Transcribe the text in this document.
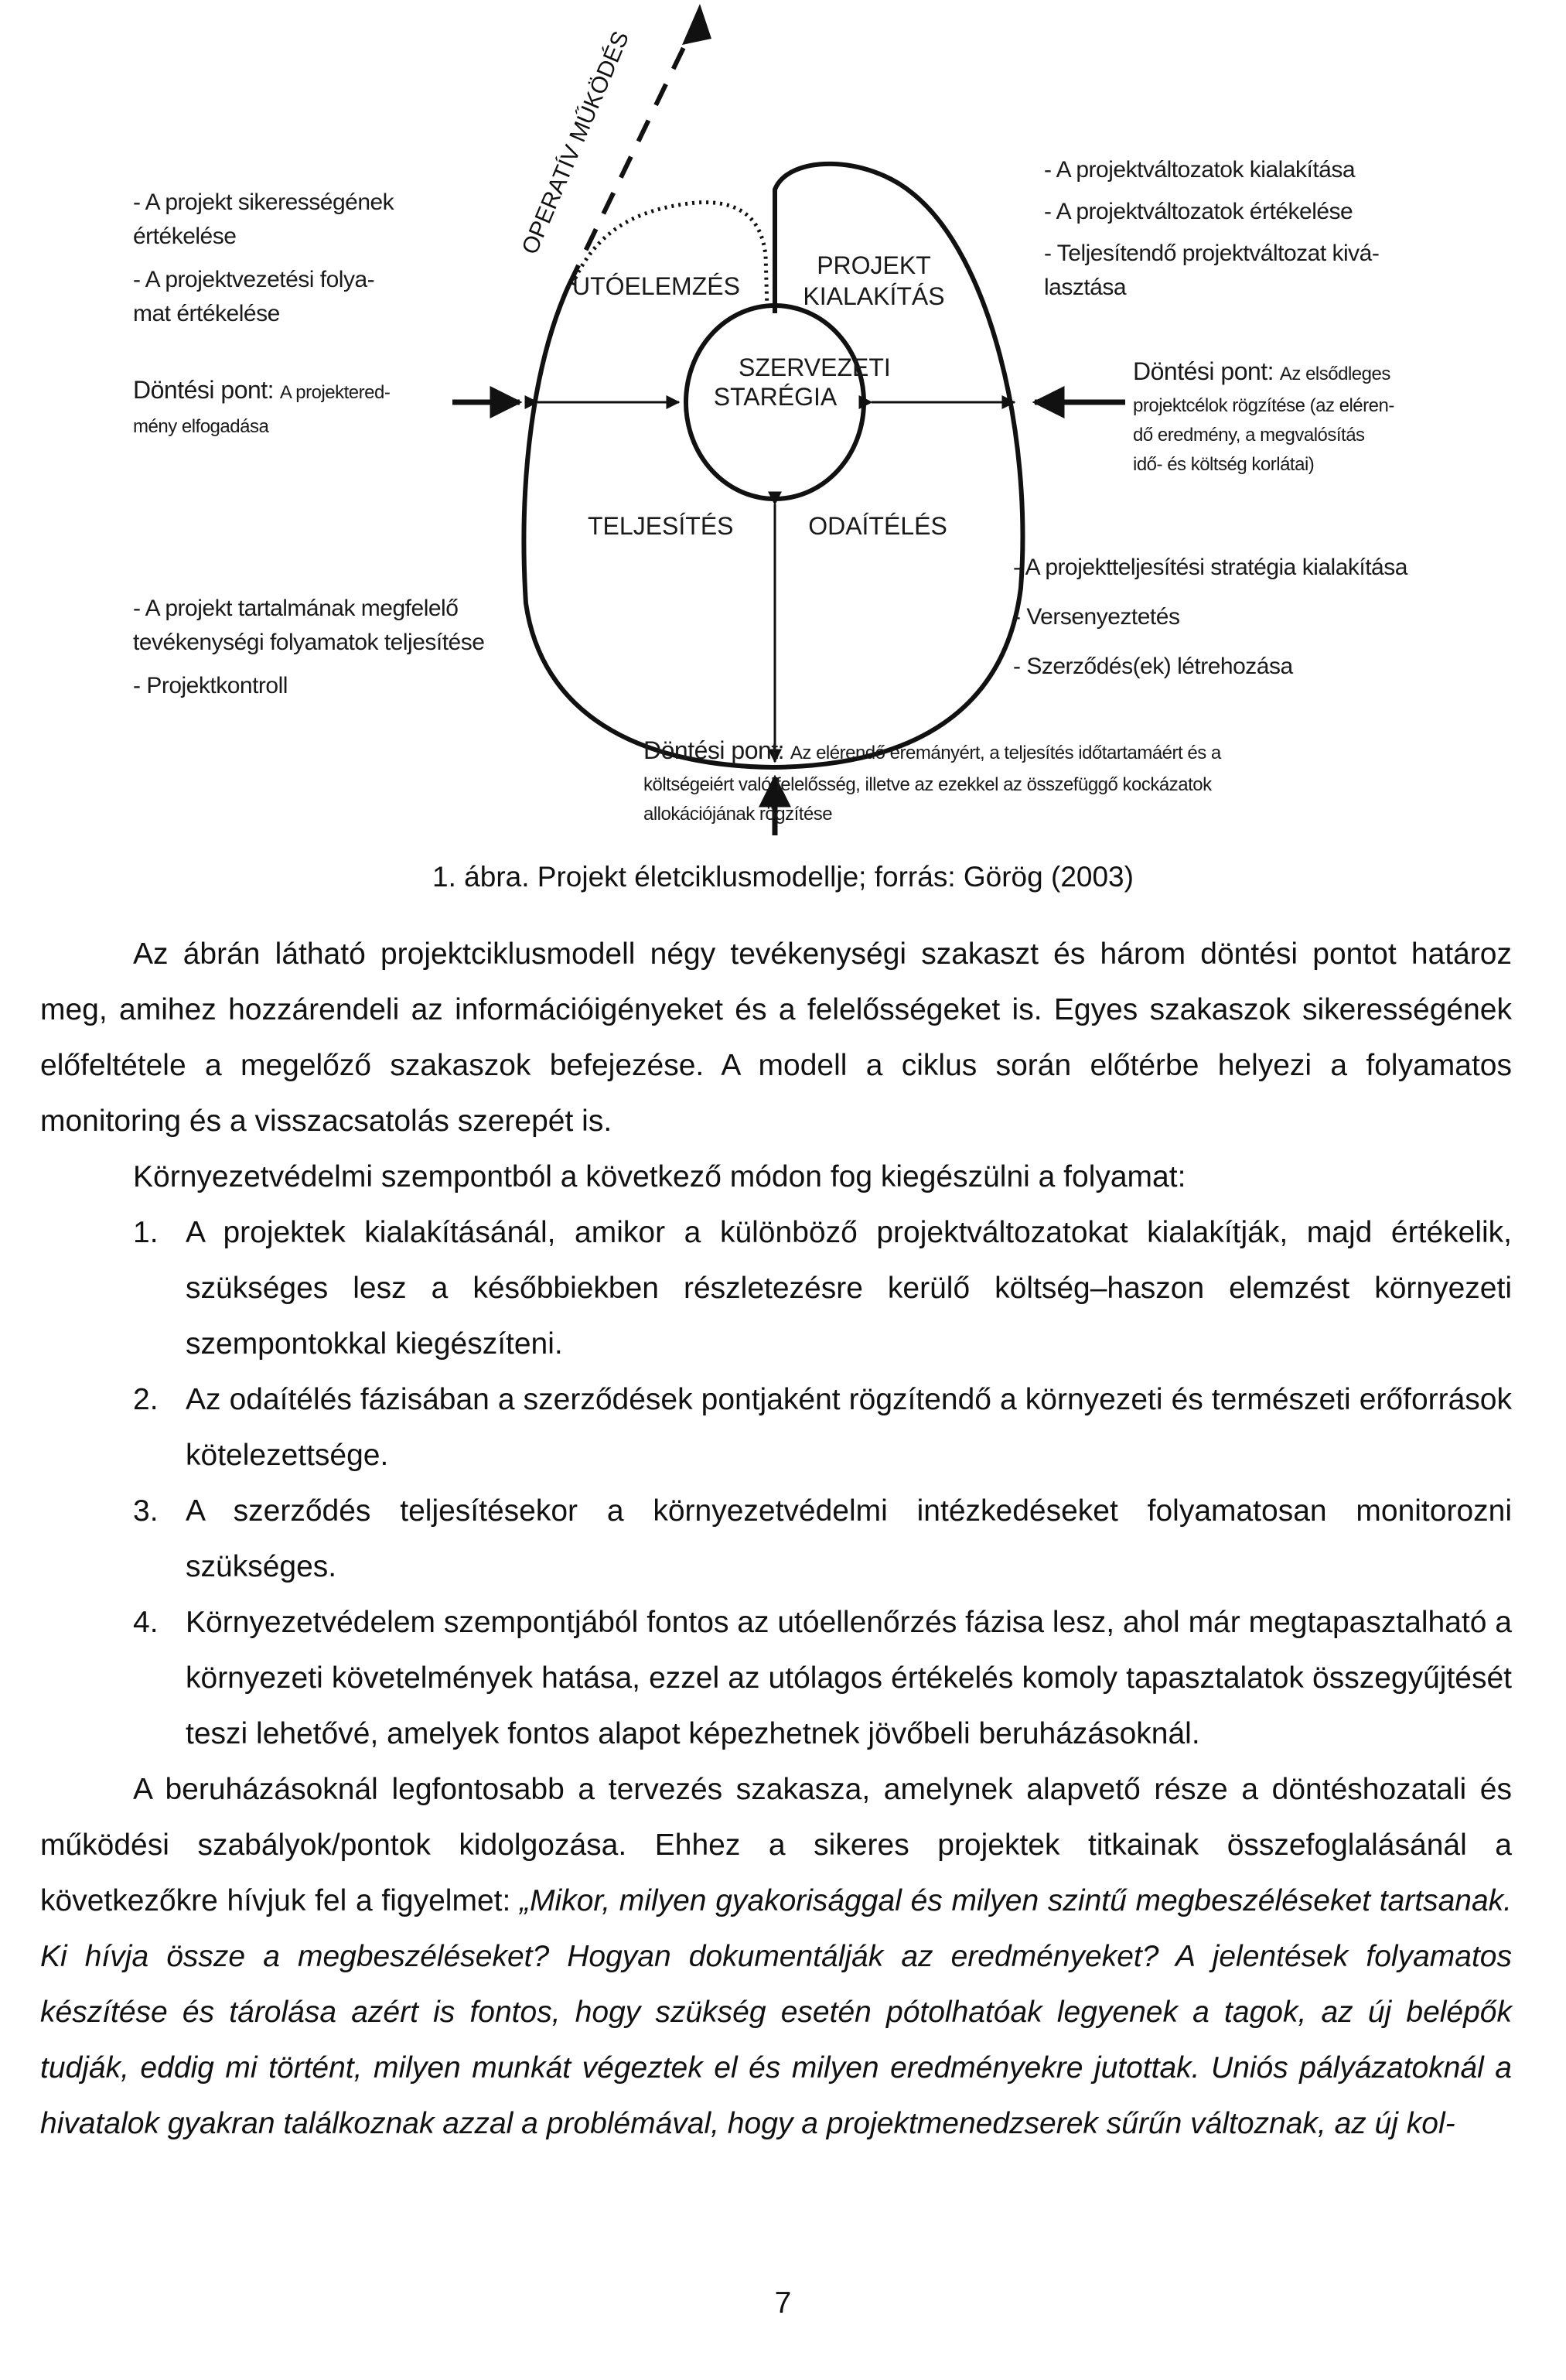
OPERATÍV MŰKÖDÉS
SZERVEZETI
STARÉGIA
UTÓELEMZÉS
PROJEKT
KIALAKÍTÁS
TELJESÍTÉS	ODAÍTÉLÉS
- A projekt sikerességének
értékelése
- A projektvezetési folya-
mat értékelése
- A projektváltozatok kialakítása
- A projektváltozatok értékelése
- Teljesítendő projektváltozat kivá-
lasztása
Döntési pont: A projektered-
mény elfogadása
Döntési pont: Az elsődleges
projektcélok rögzítése (az eléren-
dő eredmény, a megvalósítás
idő- és költség korlátai)
- A projekt tartalmának megfelelő
tevékenységi folyamatok teljesítése
- Projektkontroll
- A projektteljesítési stratégia kialakítása
- Versenyeztetés
- Szerződés(ek) létrehozása
Döntési pont: Az elérendő eremányért, a teljesítés időtartamáért és a
költségeiért való felelősség, illetve az ezekkel az összefüggő kockázatok
allokációjának rögzítése
1. ábra. Projekt életciklusmodellje; forrás: Görög (2003)

Az ábrán látható projektciklusmodell négy tevékenységi szakaszt és három döntési pontot határoz meg, amihez hozzárendeli az információigényeket és a felelősségeket is. Egyes szakaszok sikerességének előfeltétele a megelőző szakaszok befejezése. A modell a ciklus során előtérbe helyezi a folyamatos monitoring és a visszacsatolás szerepét is.

Környezetvédelmi szempontból a következő módon fog kiegészülni a folyamat:

1. A projektek kialakításánál, amikor a különböző projektváltozatokat kialakítják, majd értékelik, szükséges lesz a későbbiekben részletezésre kerülő költség–haszon elemzést környezeti szempontokkal kiegészíteni.
2. Az odaítélés fázisában a szerződések pontjaként rögzítendő a környezeti és természeti erőforrások kötelezettsége.
3. A szerződés teljesítésekor a környezetvédelmi intézkedéseket folyamatosan monitorozni szükséges.
4. Környezetvédelem szempontjából fontos az utóellenőrzés fázisa lesz, ahol már megtapasztalható a környezeti követelmények hatása, ezzel az utólagos értékelés komoly tapasztalatok összegyűjtését teszi lehetővé, amelyek fontos alapot képezhetnek jövőbeli beruházásoknál.

A beruházásoknál legfontosabb a tervezés szakasza, amelynek alapvető része a döntéshozatali és működési szabályok/pontok kidolgozása. Ehhez a sikeres projektek titkainak összefoglalásánál a következőkre hívjuk fel a figyelmet: „Mikor, milyen gyakorisággal és milyen szintű megbeszéléseket tartsanak. Ki hívja össze a megbeszéléseket? Hogyan dokumentálják az eredményeket? A jelentések folyamatos készítése és tárolása azért is fontos, hogy szükség esetén pótolhatóak legyenek a tagok, az új belépők tudják, eddig mi történt, milyen munkát végeztek el és milyen eredményekre jutottak. Uniós pályázatoknál a hivatalok gyakran találkoznak azzal a problémával, hogy a projektmenedzserek sűrűn változnak, az új kol-

7
